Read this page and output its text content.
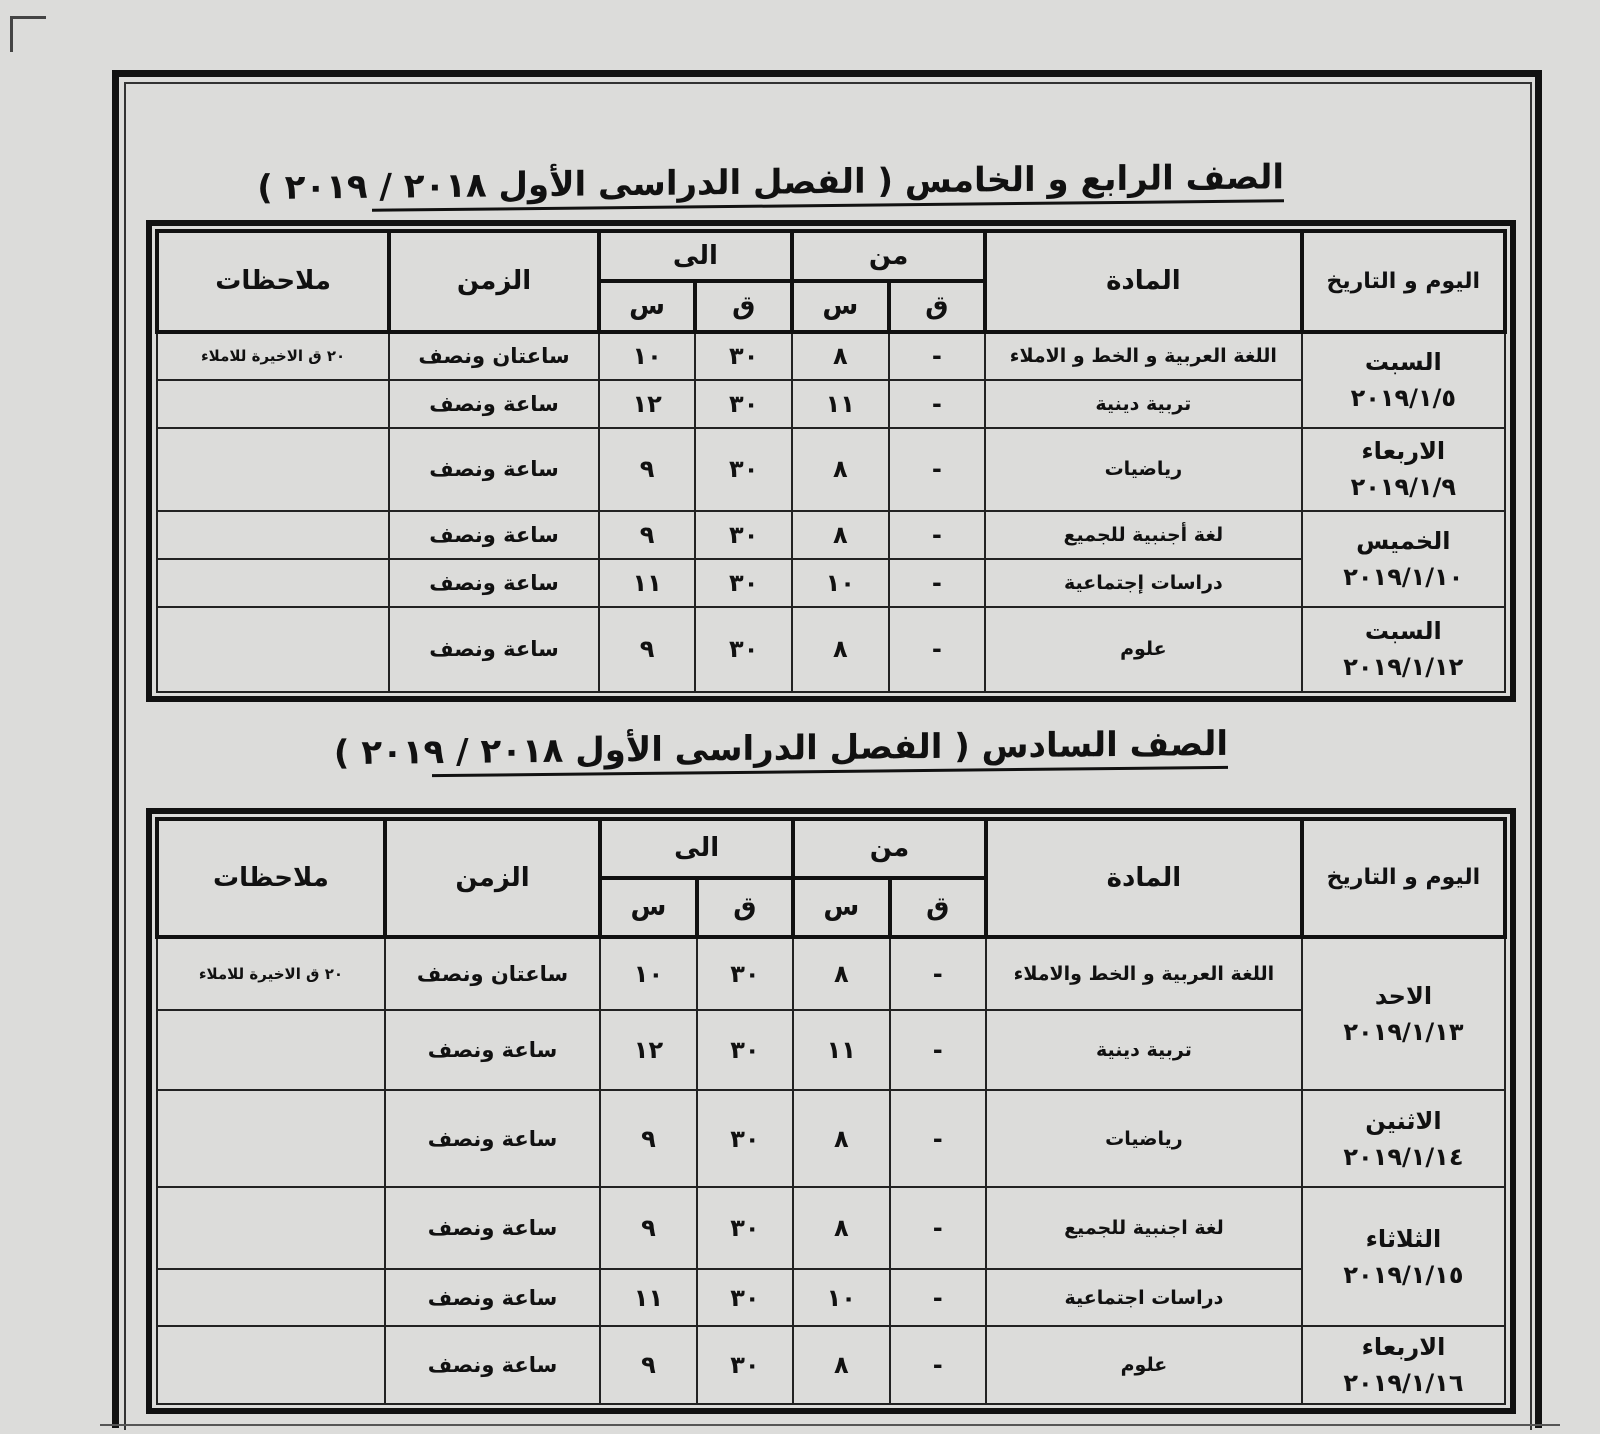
الصف الرابع و الخامس ( الفصل الدراسى الأول ٢٠١٨ / ٢٠١٩ )
اليوم و التاريخ	المادة	من		الى		الزمن	ملاحظات
		ق	س	ق	س		

السبت
٢٠١٩/١/٥	اللغة العربية و الخط و الاملاء	-	٨	٣٠	١٠	ساعتان ونصف	٢٠ ق الاخيرة للاملاء
	تربية دينية	-	١١	٣٠	١٢	ساعة ونصف	

الاربعاء
٢٠١٩/١/٩	رياضيات	-	٨	٣٠	٩	ساعة ونصف	

الخميس
٢٠١٩/١/١٠	لغة أجنبية للجميع	-	٨	٣٠	٩	ساعة ونصف	
	دراسات إجتماعية	-	١٠	٣٠	١١	ساعة ونصف	

السبت
٢٠١٩/١/١٢	علوم	-	٨	٣٠	٩	ساعة ونصف	
الصف السادس ( الفصل الدراسى الأول ٢٠١٨ / ٢٠١٩ )
اليوم و التاريخ	المادة	من		الى		الزمن	ملاحظات
		ق	س	ق	س		

الاحد
٢٠١٩/١/١٣	اللغة العربية و الخط والاملاء	-	٨	٣٠	١٠	ساعتان ونصف	٢٠ ق الاخيرة للاملاء
	تربية دينية	-	١١	٣٠	١٢	ساعة ونصف	

الاثنين
٢٠١٩/١/١٤	رياضيات	-	٨	٣٠	٩	ساعة ونصف	

الثلاثاء
٢٠١٩/١/١٥	لغة اجنبية للجميع	-	٨	٣٠	٩	ساعة ونصف	
	دراسات اجتماعية	-	١٠	٣٠	١١	ساعة ونصف	

الاربعاء
٢٠١٩/١/١٦	علوم	-	٨	٣٠	٩	ساعة ونصف	
